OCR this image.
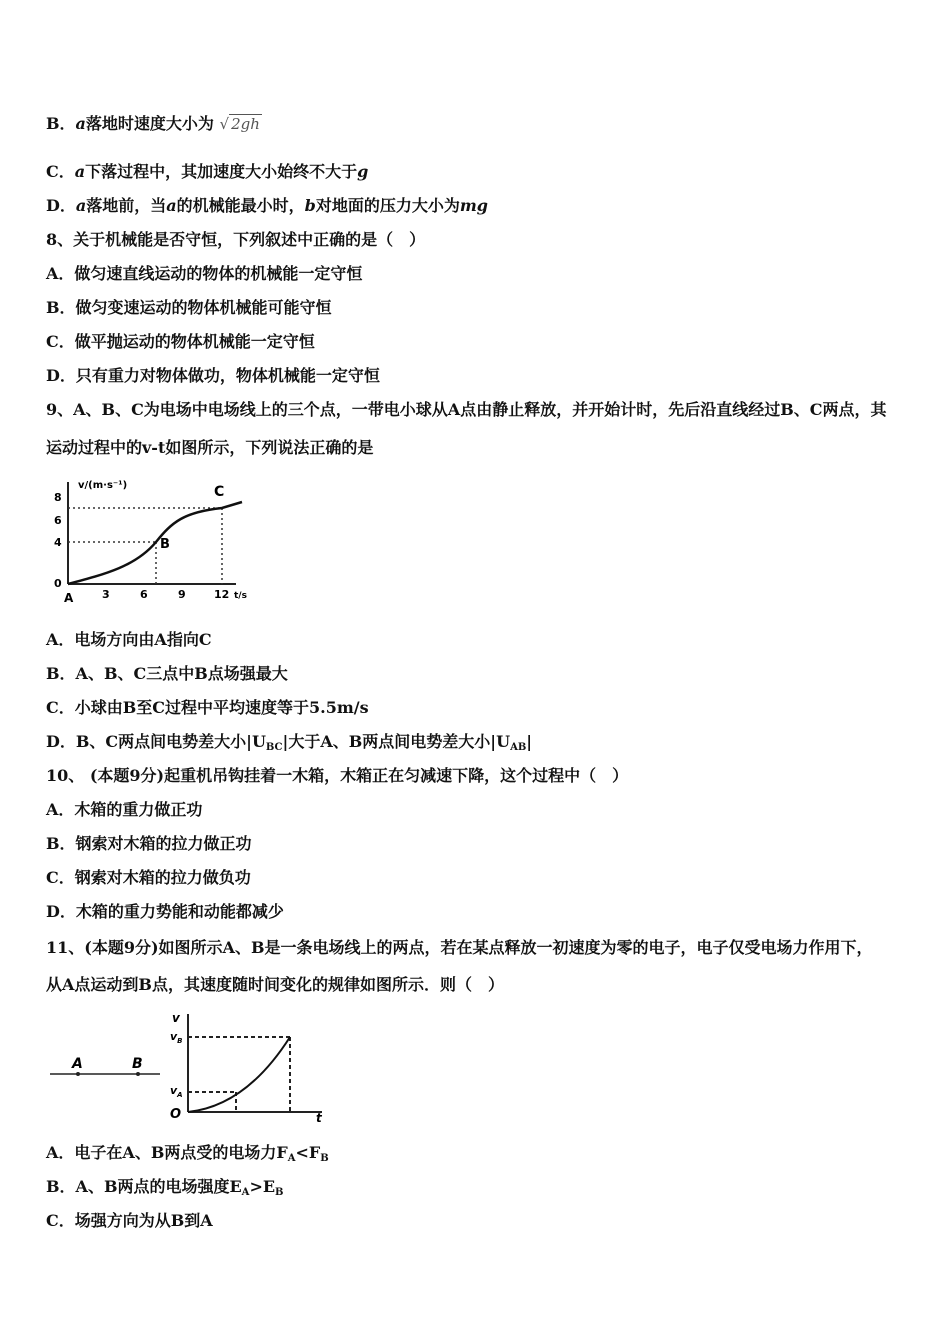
B．a落地时速度大小为 √ 2gh
C．a下落过程中，其加速度大小始终不大于g
D．a落地前，当a的机械能最小时，b对地面的压力大小为mg
8、关于机械能是否守恒，下列叙述中正确的是（　）
A．做匀速直线运动的物体的机械能一定守恒
B．做匀变速运动的物体机械能可能守恒
C．做平抛运动的物体机械能一定守恒
D．只有重力对物体做功，物体机械能一定守恒
9、A、B、C为电场中电场线上的三个点，一带电小球从A点由静止释放，并开始计时，先后沿直线经过B、C两点，其
运动过程中的v-t如图所示，下列说法正确的是
v/(m·s⁻¹)
0
4
6
8
3	6	9	12 t/s
A
B
C
A．电场方向由A指向C
B．A、B、C三点中B点场强最大
C．小球由B至C过程中平均速度等于5.5m/s
D．B、C两点间电势差大小$|U_{BC}|$大于A、B两点间电势差大小$|U_{AB}|$
10、 (本题9分)起重机吊钩挂着一木箱，木箱正在匀减速下降，这个过程中（　）
A．木箱的重力做正功
B．钢索对木箱的拉力做正功
C．钢索对木箱的拉力做负功
D．木箱的重力势能和动能都减少
11、(本题9分)如图所示A、B是一条电场线上的两点，若在某点释放一初速度为零的电子，电子仅受电场力作用下，
从A点运动到B点，其速度随时间变化的规律如图所示．则（　）
A	B
v
t
O
$v_B$
$v_A$
A．电子在A、B两点受的电场力$F_A<F_B$
B．A、B两点的电场强度$E_A>E_B$
C．场强方向为从B到A
